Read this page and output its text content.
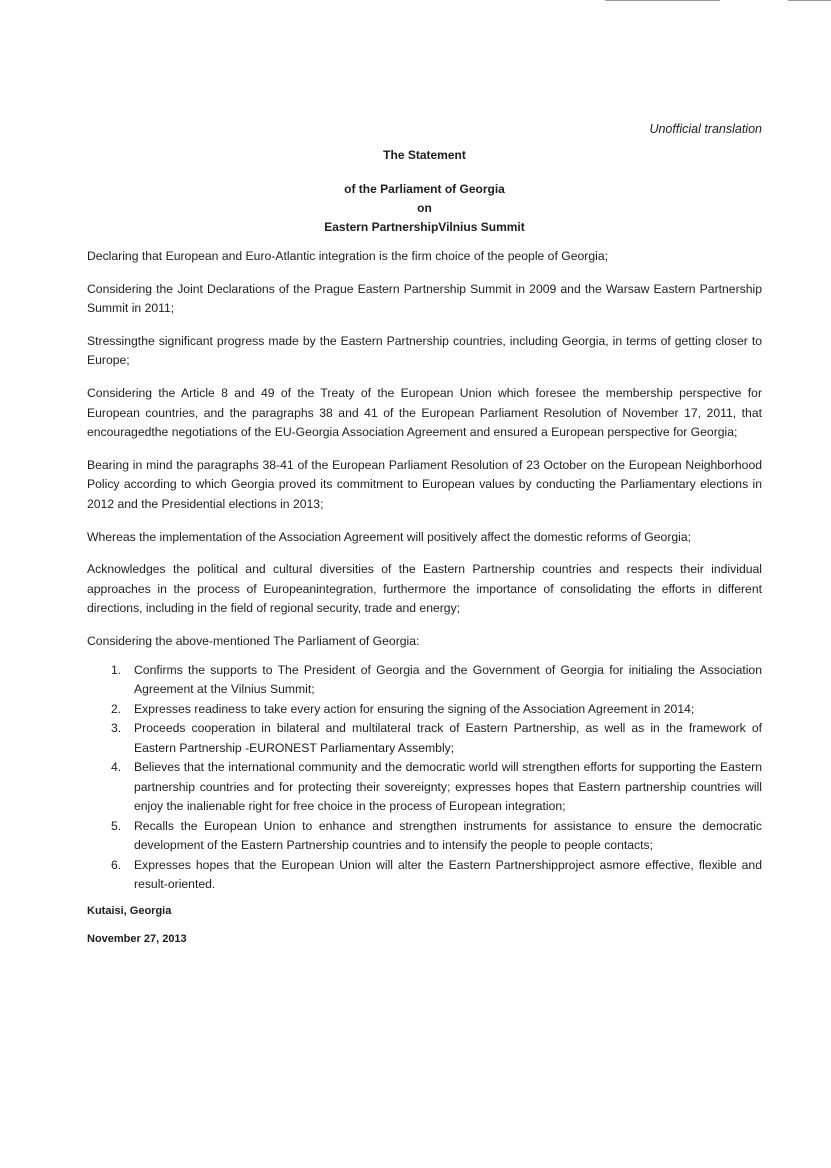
Unofficial translation

The Statement

of the Parliament of Georgia

on

Eastern PartnershipVilnius Summit

Declaring that European and Euro-Atlantic integration is the firm choice of the people of Georgia;

Considering the Joint Declarations of the Prague Eastern Partnership Summit in 2009 and the Warsaw Eastern Partnership Summit in 2011;

Stressingthe significant progress made by the Eastern Partnership countries, including Georgia, in terms of getting closer to Europe;

Considering the Article 8 and 49 of the Treaty of the European Union which foresee the membership perspective for European countries, and the paragraphs 38 and 41 of the European Parliament Resolution of November 17, 2011, that encouragedthe negotiations of the EU-Georgia Association Agreement and ensured a European perspective for Georgia;

Bearing in mind the paragraphs 38-41 of the European Parliament Resolution of 23 October on the European Neighborhood Policy according to which Georgia proved its commitment to European values by conducting the Parliamentary elections in 2012 and the Presidential elections in 2013;

Whereas the implementation of the Association Agreement will positively affect the domestic reforms of Georgia;

Acknowledges the political and cultural diversities of the Eastern Partnership countries and respects their individual approaches in the process of Europeanintegration, furthermore the importance of consolidating the efforts in different directions, including in the field of regional security, trade and energy;

Considering the above-mentioned The Parliament of Georgia:

1. Confirms the supports to The President of Georgia and the Government of Georgia for initialing the Association Agreement at the Vilnius Summit;
2. Expresses readiness to take every action for ensuring the signing of the Association Agreement in 2014;
3. Proceeds cooperation in bilateral and multilateral track of Eastern Partnership, as well as in the framework of Eastern Partnership -EURONEST Parliamentary Assembly;
4. Believes that the international community and the democratic world will strengthen efforts for supporting the Eastern partnership countries and for protecting their sovereignty; expresses hopes that Eastern partnership countries will enjoy the inalienable right for free choice in the process of European integration;
5. Recalls the European Union to enhance and strengthen instruments for assistance to ensure the democratic development of the Eastern Partnership countries and to intensify the people to people contacts;
6. Expresses hopes that the European Union will alter the Eastern Partnershipproject asmore effective, flexible and result-oriented.

Kutaisi, Georgia

November 27, 2013
